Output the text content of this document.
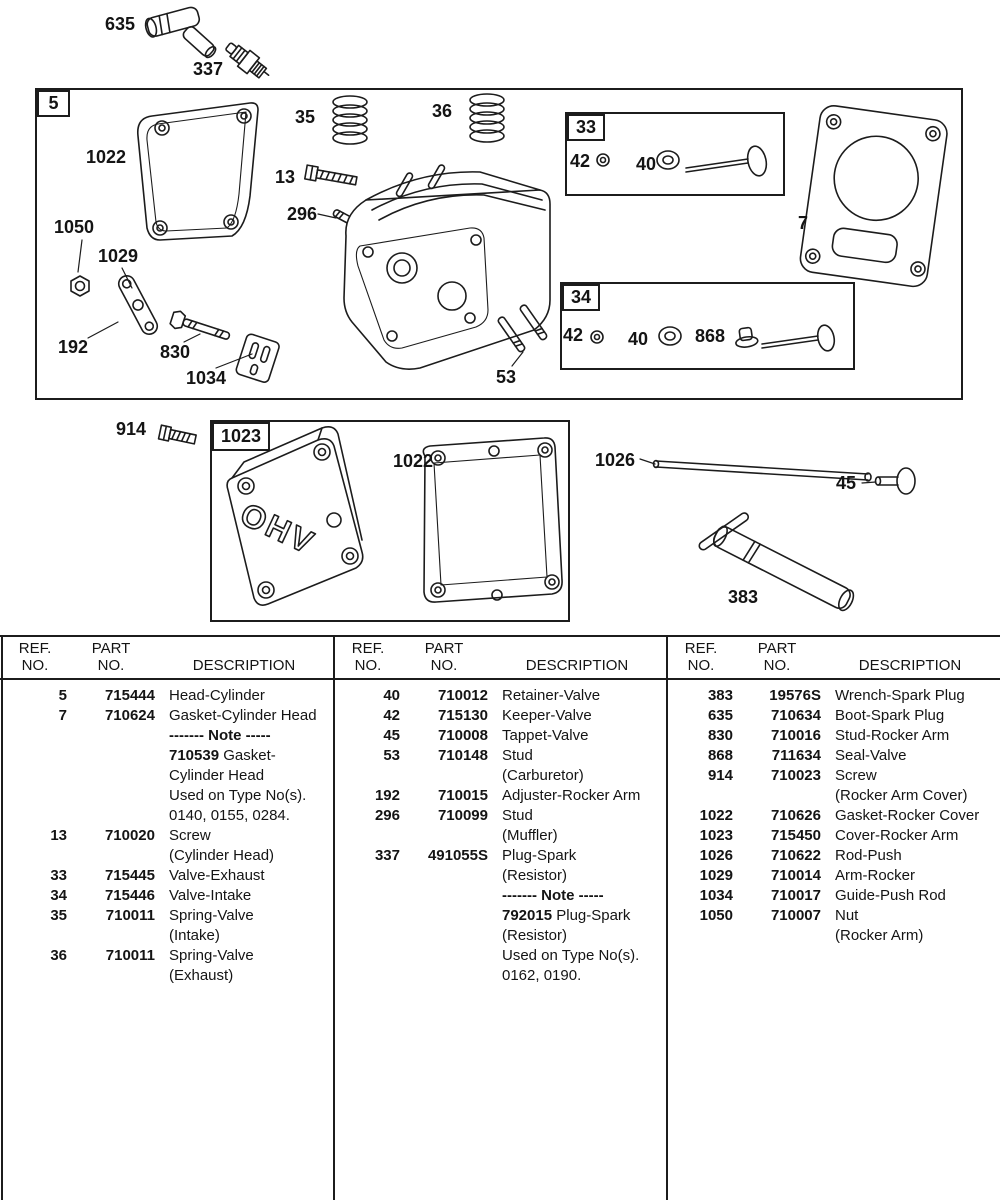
OHV
5
33
34
1023
635
337
1022
35	36
13
296
1050
1029
192	830
1034	53
42	40
7
42 40	868
914
1022	1026
45
383
REF.
NO.
PART
NO.	DESCRIPTION
5	715444 Head-Cylinder
7	710624 Gasket-Cylinder Head
------- Note -----
710539 Gasket-
Cylinder Head
Used on Type No(s).
0140, 0155, 0284.
13	710020 Screw
(Cylinder Head)
33	715445 Valve-Exhaust
34	715446 Valve-Intake
35	710011 Spring-Valve
(Intake)
36	710011 Spring-Valve
(Exhaust)
REF.
NO.
PART
NO.	DESCRIPTION
40	710012 Retainer-Valve
42	715130 Keeper-Valve
45	710008 Tappet-Valve
53	710148 Stud
(Carburetor)
192	710015 Adjuster-Rocker Arm
296	710099 Stud
(Muffler)
337	491055S Plug-Spark
(Resistor)
------- Note -----
792015 Plug-Spark
(Resistor)
Used on Type No(s).
0162, 0190.
REF.
NO.
PART
NO.	DESCRIPTION
383	19576S Wrench-Spark Plug
635	710634 Boot-Spark Plug
830	710016 Stud-Rocker Arm
868	711634 Seal-Valve
914	710023 Screw
(Rocker Arm Cover)
1022	710626 Gasket-Rocker Cover
1023	715450 Cover-Rocker Arm
1026	710622 Rod-Push
1029	710014 Arm-Rocker
1034	710017 Guide-Push Rod
1050	710007 Nut
(Rocker Arm)
